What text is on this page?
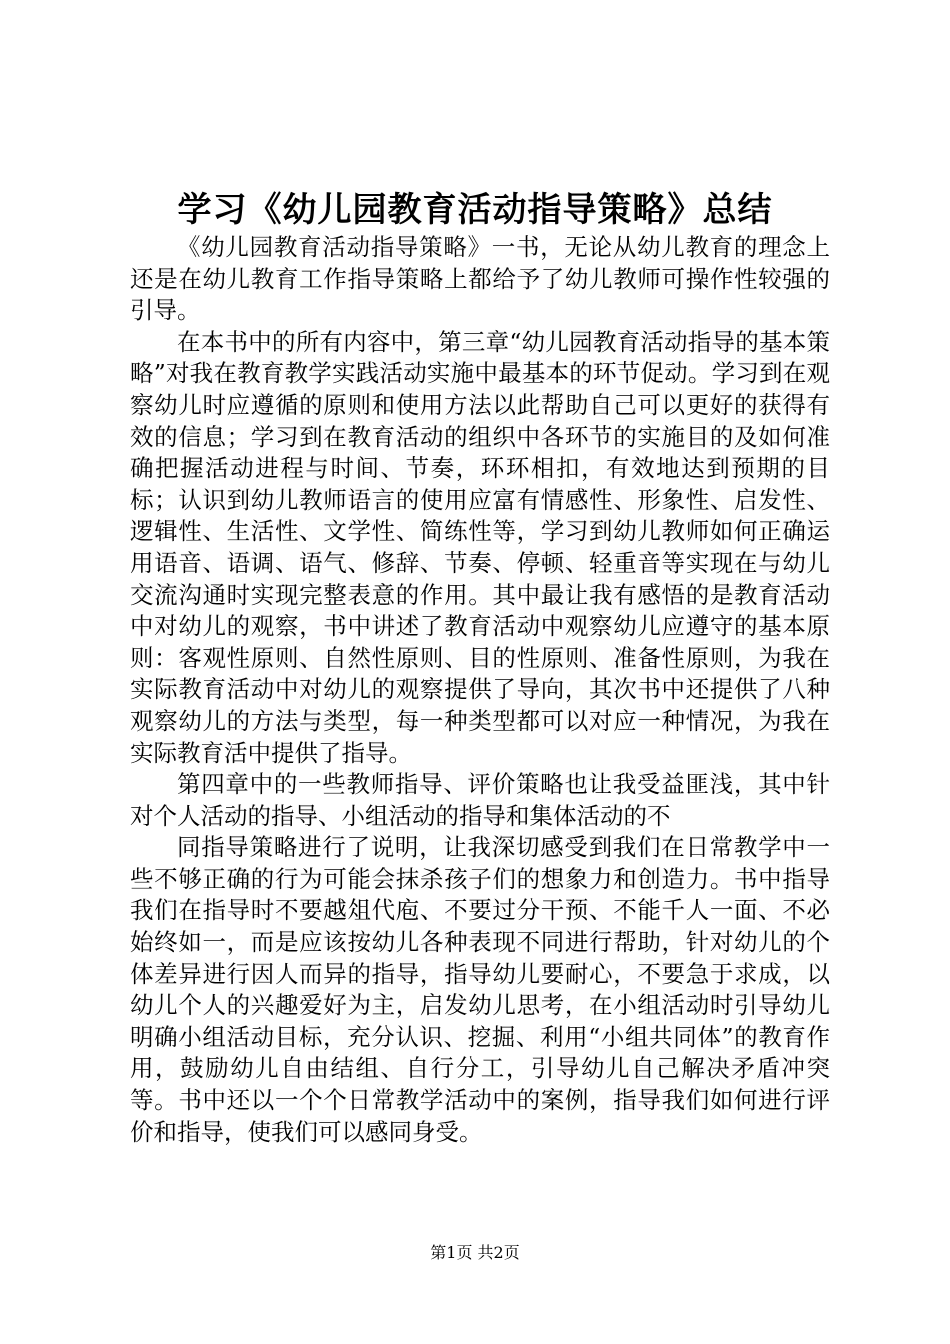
学习《幼儿园教育活动指导策略》总结

《幼儿园教育活动指导策略》一书，无论从幼儿教育的理念上还是在幼儿教育工作指导策略上都给予了幼儿教师可操作性较强的引导。

在本书中的所有内容中，第三章“幼儿园教育活动指导的基本策略”对我在教育教学实践活动实施中最基本的环节促动。学习到在观察幼儿时应遵循的原则和使用方法以此帮助自己可以更好的获得有效的信息；学习到在教育活动的组织中各环节的实施目的及如何准确把握活动进程与时间、节奏，环环相扣，有效地达到预期的目标；认识到幼儿教师语言的使用应富有情感性、形象性、启发性、逻辑性、生活性、文学性、简练性等，学习到幼儿教师如何正确运用语音、语调、语气、修辞、节奏、停顿、轻重音等实现在与幼儿交流沟通时实现完整表意的作用。其中最让我有感悟的是教育活动中对幼儿的观察，书中讲述了教育活动中观察幼儿应遵守的基本原则：客观性原则、自然性原则、目的性原则、准备性原则，为我在实际教育活动中对幼儿的观察提供了导向，其次书中还提供了八种观察幼儿的方法与类型，每一种类型都可以对应一种情况，为我在实际教育活中提供了指导。

第四章中的一些教师指导、评价策略也让我受益匪浅，其中针对个人活动的指导、小组活动的指导和集体活动的不

同指导策略进行了说明，让我深切感受到我们在日常教学中一些不够正确的行为可能会抹杀孩子们的想象力和创造力。书中指导我们在指导时不要越俎代庖、不要过分干预、不能千人一面、不必始终如一，而是应该按幼儿各种表现不同进行帮助，针对幼儿的个体差异进行因人而异的指导，指导幼儿要耐心，不要急于求成，以幼儿个人的兴趣爱好为主，启发幼儿思考，在小组活动时引导幼儿明确小组活动目标，充分认识、挖掘、利用“小组共同体”的教育作用，鼓励幼儿自由结组、自行分工，引导幼儿自己解决矛盾冲突等。书中还以一个个日常教学活动中的案例，指导我们如何进行评价和指导，使我们可以感同身受。

第1页 共2页
